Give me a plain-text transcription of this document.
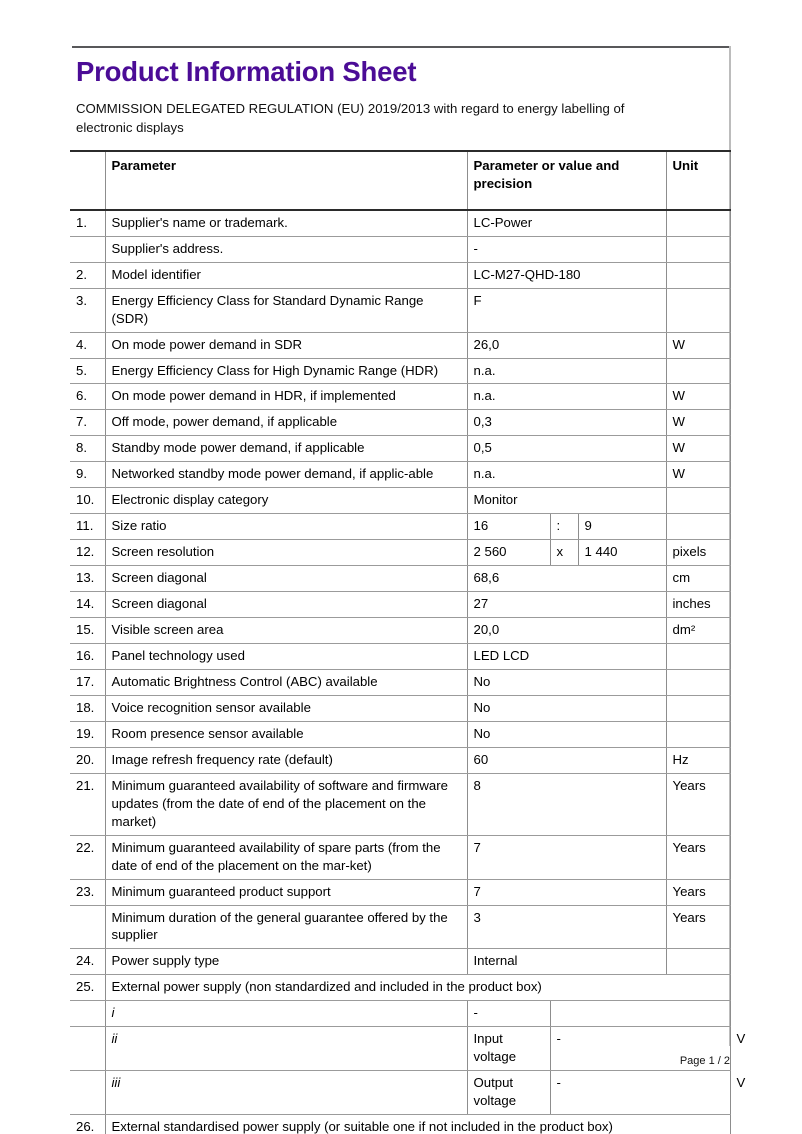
Product Information Sheet
COMMISSION DELEGATED REGULATION (EU) 2019/2013 with regard to energy labelling of electronic displays
	Parameter	Parameter or value and precision			Unit	
1.	Supplier's name or trademark.	LC-Power				
	Supplier's address.	-				
2.	Model identifier	LC-M27-QHD-180				
3.	Energy Efficiency Class for Standard Dynamic Range (SDR)	F				
4.	On mode power demand in SDR	26,0			W	
5.	Energy Efficiency Class for High Dynamic Range (HDR)	n.a.				
6.	On mode power demand in HDR, if implemented	n.a.			W	
7.	Off mode, power demand, if applicable	0,3			W	
8.	Standby mode power demand, if applicable	0,5			W	
9.	Networked standby mode power demand, if applic-able	n.a.			W	
10.	Electronic display category	Monitor				
11.	Size ratio	16	:	9		
12.	Screen resolution	2 560	x	1 440	pixels	
13.	Screen diagonal	68,6			cm	
14.	Screen diagonal	27			inches	
15.	Visible screen area	20,0			dm²	
16.	Panel technology used	LED LCD				
17.	Automatic Brightness Control (ABC) available	No				
18.	Voice recognition sensor available	No				
19.	Room presence sensor available	No				
20.	Image refresh frequency rate (default)	60			Hz	
21.	Minimum guaranteed availability of software and firmware updates (from the date of end of the placement on the market)	8			Years	
22.	Minimum guaranteed availability of spare parts (from the date of end of the placement on the mar-ket)	7			Years	
23.	Minimum guaranteed product support	7			Years	
	Minimum duration of the general guarantee offered by the supplier	3			Years	
24.	Power supply type	Internal				
25.	External power supply (non standardized and included in the product box)					
	i	-				
	ii	Input voltage	-			V
	iii	Output voltage	-			V
26.	External standardised power supply (or suitable one if not included in the product box)					
Page 1 / 2
